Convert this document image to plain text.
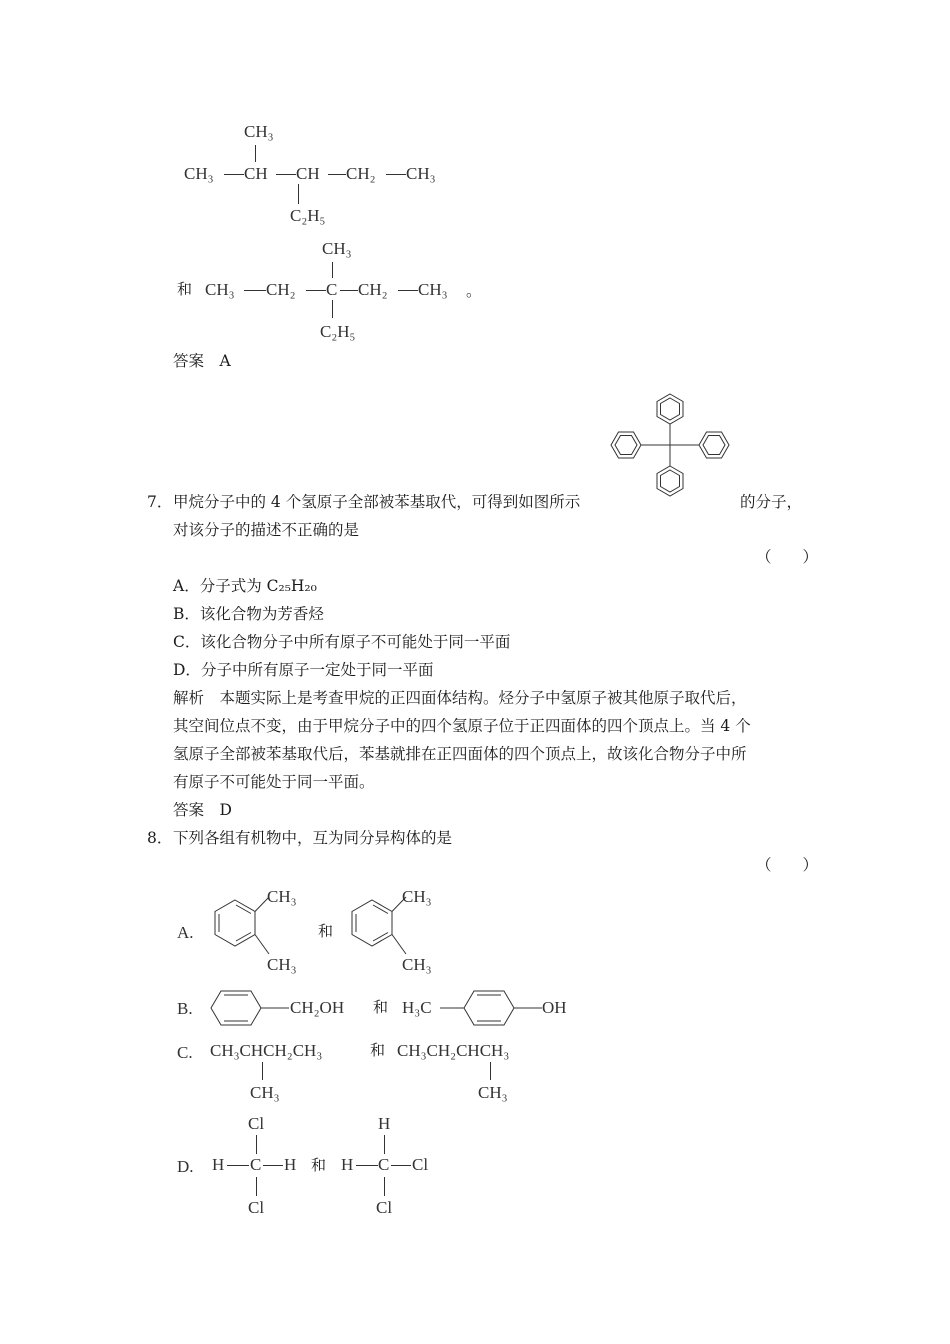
CH₃
CH₃ CH CH CH₂ CH₃
C₂H₅
CH₃
和 CH₃ CH₂ C CH₂ CH₃ 。
C₂H₅
答案　A
7． 甲烷分子中的 4 个氢原子全部被苯基取代，可得到如图所示	的分子，
对该分子的描述不正确的是
（　　）
A．分子式为 C₂₅H₂₀
B．该化合物为芳香烃
C．该化合物分子中所有原子不可能处于同一平面
D．分子中所有原子一定处于同一平面
解析　本题实际上是考查甲烷的正四面体结构。烃分子中氢原子被其他原子取代后，
其空间位点不变，由于甲烷分子中的四个氢原子位于正四面体的四个顶点上。当 4 个
氢原子全部被苯基取代后，苯基就排在正四面体的四个顶点上，故该化合物分子中所
有原子不可能处于同一平面。
答案　D
8． 下列各组有机物中，互为同分异构体的是
（　　）
A.
CH₃
CH₃
和
CH₃
CH₃
B.	CH₂OH 和 H₃C	OH
C. CH₃CHCH₂CH₃
CH₃
和 CH₃CH₂CHCH₃
CH₃
D.
Cl
H C H
Cl
和
H
H C Cl
Cl
